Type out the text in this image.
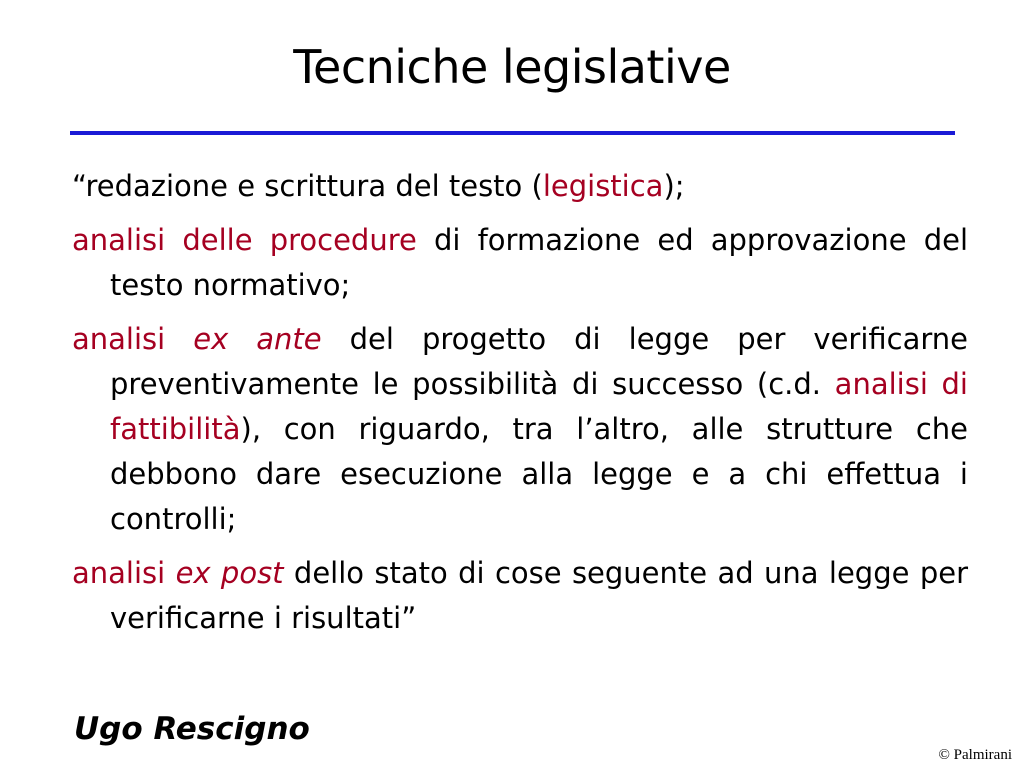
Tecniche legislative
“redazione e scrittura del testo (legistica);
analisi delle procedure di formazione ed approvazione del testo normativo;
analisi ex ante del progetto di legge per verificarne preventivamente le possibilità di successo (c.d. analisi di fattibilità), con riguardo, tra l’altro, alle strutture che debbono dare esecuzione alla legge e a chi effettua i controlli;
analisi ex post dello stato di cose seguente ad una legge per verificarne i risultati”
Ugo Rescigno
© Palmirani
